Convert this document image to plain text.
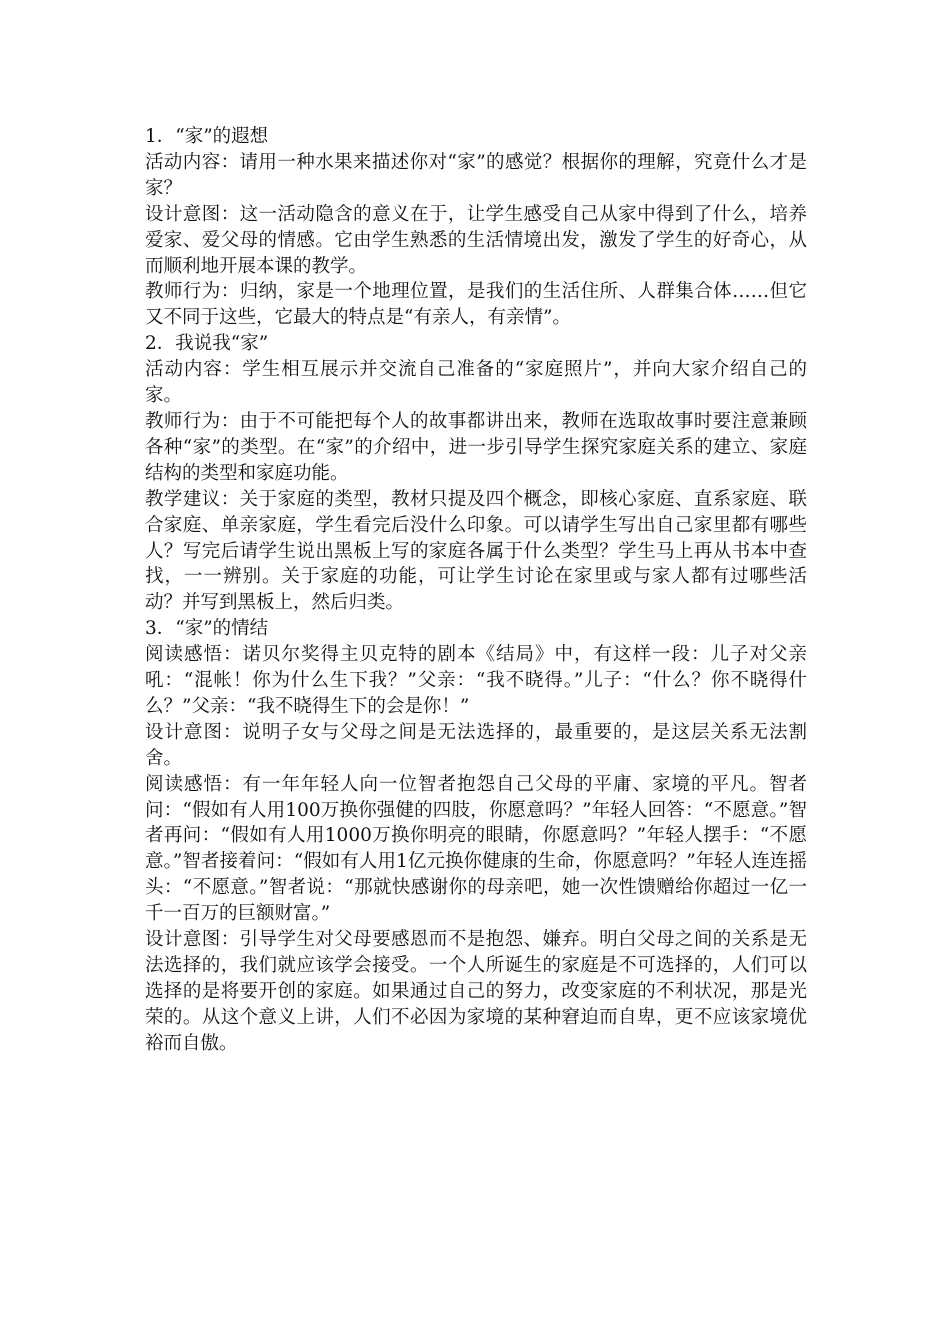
1．“家”的遐想

活动内容：请用一种水果来描述你对“家”的感觉？根据你的理解，究竟什么才是家？

设计意图：这一活动隐含的意义在于，让学生感受自己从家中得到了什么，培养爱家、爱父母的情感。它由学生熟悉的生活情境出发，激发了学生的好奇心，从而顺利地开展本课的教学。

教师行为：归纳，家是一个地理位置，是我们的生活住所、人群集合体……但它又不同于这些，它最大的特点是“有亲人，有亲情”。

2．我说我“家”

活动内容：学生相互展示并交流自己准备的“家庭照片”，并向大家介绍自己的家。

教师行为：由于不可能把每个人的故事都讲出来，教师在选取故事时要注意兼顾各种“家”的类型。在“家”的介绍中，进一步引导学生探究家庭关系的建立、家庭结构的类型和家庭功能。

教学建议：关于家庭的类型，教材只提及四个概念，即核心家庭、直系家庭、联合家庭、单亲家庭，学生看完后没什么印象。可以请学生写出自己家里都有哪些人？写完后请学生说出黑板上写的家庭各属于什么类型？学生马上再从书本中查找，一一辨别。关于家庭的功能，可让学生讨论在家里或与家人都有过哪些活动？并写到黑板上，然后归类。

3．“家”的情结

阅读感悟：诺贝尔奖得主贝克特的剧本《结局》中，有这样一段：儿子对父亲吼：“混帐！你为什么生下我？”父亲：“我不晓得。”儿子：“什么？你不晓得什么？”父亲：“我不晓得生下的会是你！”

设计意图：说明子女与父母之间是无法选择的，最重要的，是这层关系无法割舍。

阅读感悟：有一年年轻人向一位智者抱怨自己父母的平庸、家境的平凡。智者问：“假如有人用100万换你强健的四肢，你愿意吗？”年轻人回答：“不愿意。”智者再问：“假如有人用1000万换你明亮的眼睛，你愿意吗？”年轻人摆手：“不愿意。”智者接着问：“假如有人用1亿元换你健康的生命，你愿意吗？”年轻人连连摇头：“不愿意。”智者说：“那就快感谢你的母亲吧，她一次性馈赠给你超过一亿一千一百万的巨额财富。”

设计意图：引导学生对父母要感恩而不是抱怨、嫌弃。明白父母之间的关系是无法选择的，我们就应该学会接受。一个人所诞生的家庭是不可选择的，人们可以选择的是将要开创的家庭。如果通过自己的努力，改变家庭的不利状况，那是光荣的。从这个意义上讲，人们不必因为家境的某种窘迫而自卑，更不应该家境优裕而自傲。
